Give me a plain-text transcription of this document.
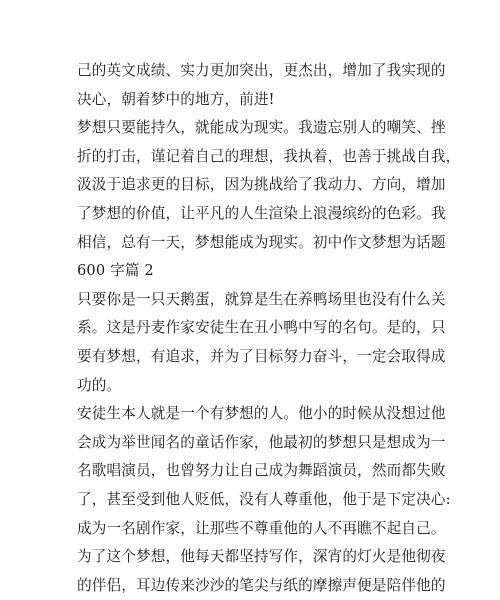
己的英文成绩、实力更加突出，更杰出，增加了我实现的
决心，朝着梦中的地方，前进!
梦想只要能持久，就能成为现实。我遗忘别人的嘲笑、挫
折的打击，谨记着自己的理想，我执着，也善于挑战自我，
汲汲于追求更的目标，因为挑战给了我动力、方向，增加
了梦想的价值，让平凡的人生渲染上浪漫缤纷的色彩。我
相信，总有一天，梦想能成为现实。初中作文梦想为话题
600 字篇 2
只要你是一只天鹅蛋，就算是生在养鸭场里也没有什么关
系。这是丹麦作家安徒生在丑小鸭中写的名句。是的，只
要有梦想，有追求，并为了目标努力奋斗，一定会取得成
功的。
安徒生本人就是一个有梦想的人。他小的时候从没想过他
会成为举世闻名的童话作家，他最初的梦想只是想成为一
名歌唱演员，也曾努力让自己成为舞蹈演员，然而都失败
了，甚至受到他人贬低，没有人尊重他，他于是下定决心:
成为一名剧作家，让那些不尊重他的人不再瞧不起自己。
为了这个梦想，他每天都坚持写作，深宵的灯火是他彻夜
的伴侣，耳边传来沙沙的笔尖与纸的摩擦声便是陪伴他的
